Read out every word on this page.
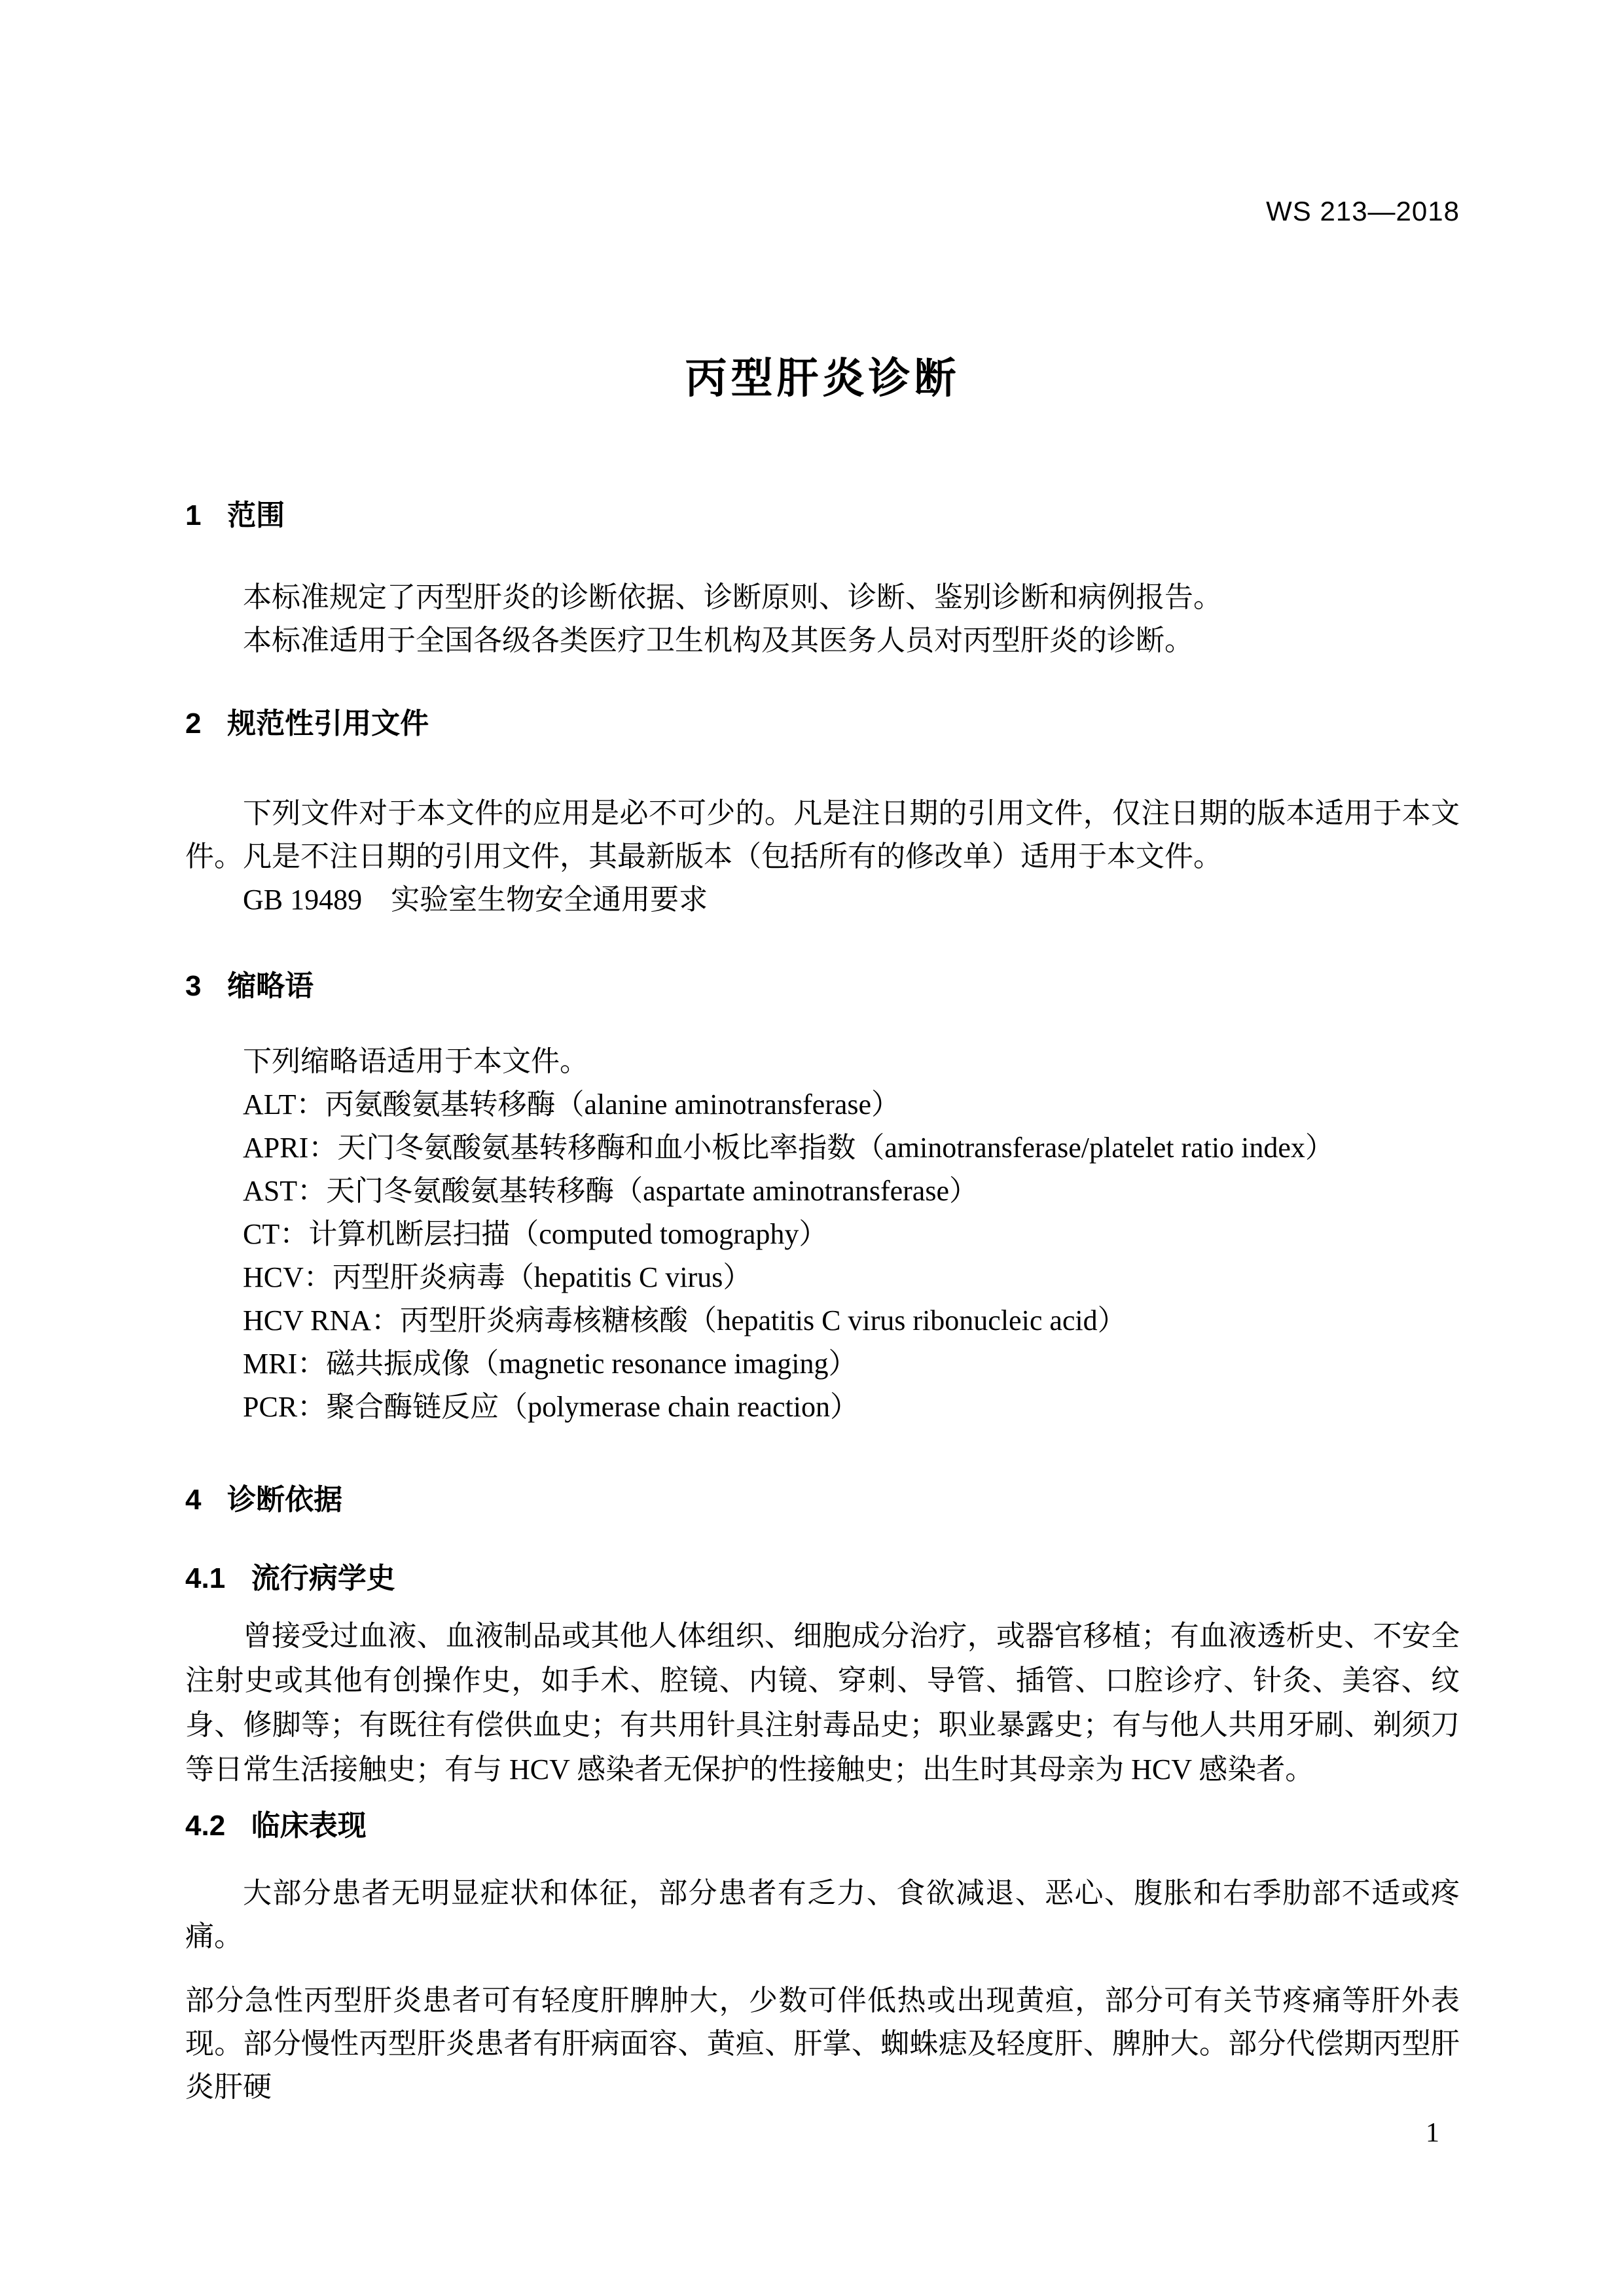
WS 213—2018
丙型肝炎诊断
1 范围

本标准规定了丙型肝炎的诊断依据、诊断原则、诊断、鉴别诊断和病例报告。

本标准适用于全国各级各类医疗卫生机构及其医务人员对丙型肝炎的诊断。

2 规范性引用文件

下列文件对于本文件的应用是必不可少的。凡是注日期的引用文件，仅注日期的版本适用于本文件。凡是不注日期的引用文件，其最新版本（包括所有的修改单）适用于本文件。

GB 19489　实验室生物安全通用要求

3 缩略语

下列缩略语适用于本文件。

ALT：丙氨酸氨基转移酶（alanine aminotransferase）

APRI：天门冬氨酸氨基转移酶和血小板比率指数（aminotransferase/platelet ratio index）

AST：天门冬氨酸氨基转移酶（aspartate aminotransferase）

CT：计算机断层扫描（computed tomography）

HCV：丙型肝炎病毒（hepatitis C virus）

HCV RNA：丙型肝炎病毒核糖核酸（hepatitis C virus ribonucleic acid）

MRI：磁共振成像（magnetic resonance imaging）

PCR：聚合酶链反应（polymerase chain reaction）

4 诊断依据
4.1 流行病学史

曾接受过血液、血液制品或其他人体组织、细胞成分治疗，或器官移植；有血液透析史、不安全注射史或其他有创操作史，如手术、腔镜、内镜、穿刺、导管、插管、口腔诊疗、针灸、美容、纹身、修脚等；有既往有偿供血史；有共用针具注射毒品史；职业暴露史；有与他人共用牙刷、剃须刀等日常生活接触史；有与 HCV 感染者无保护的性接触史；出生时其母亲为 HCV 感染者。

4.2 临床表现

大部分患者无明显症状和体征，部分患者有乏力、食欲减退、恶心、腹胀和右季肋部不适或疼痛。

部分急性丙型肝炎患者可有轻度肝脾肿大，少数可伴低热或出现黄疸，部分可有关节疼痛等肝外表现。部分慢性丙型肝炎患者有肝病面容、黄疸、肝掌、蜘蛛痣及轻度肝、脾肿大。部分代偿期丙型肝炎肝硬

1
